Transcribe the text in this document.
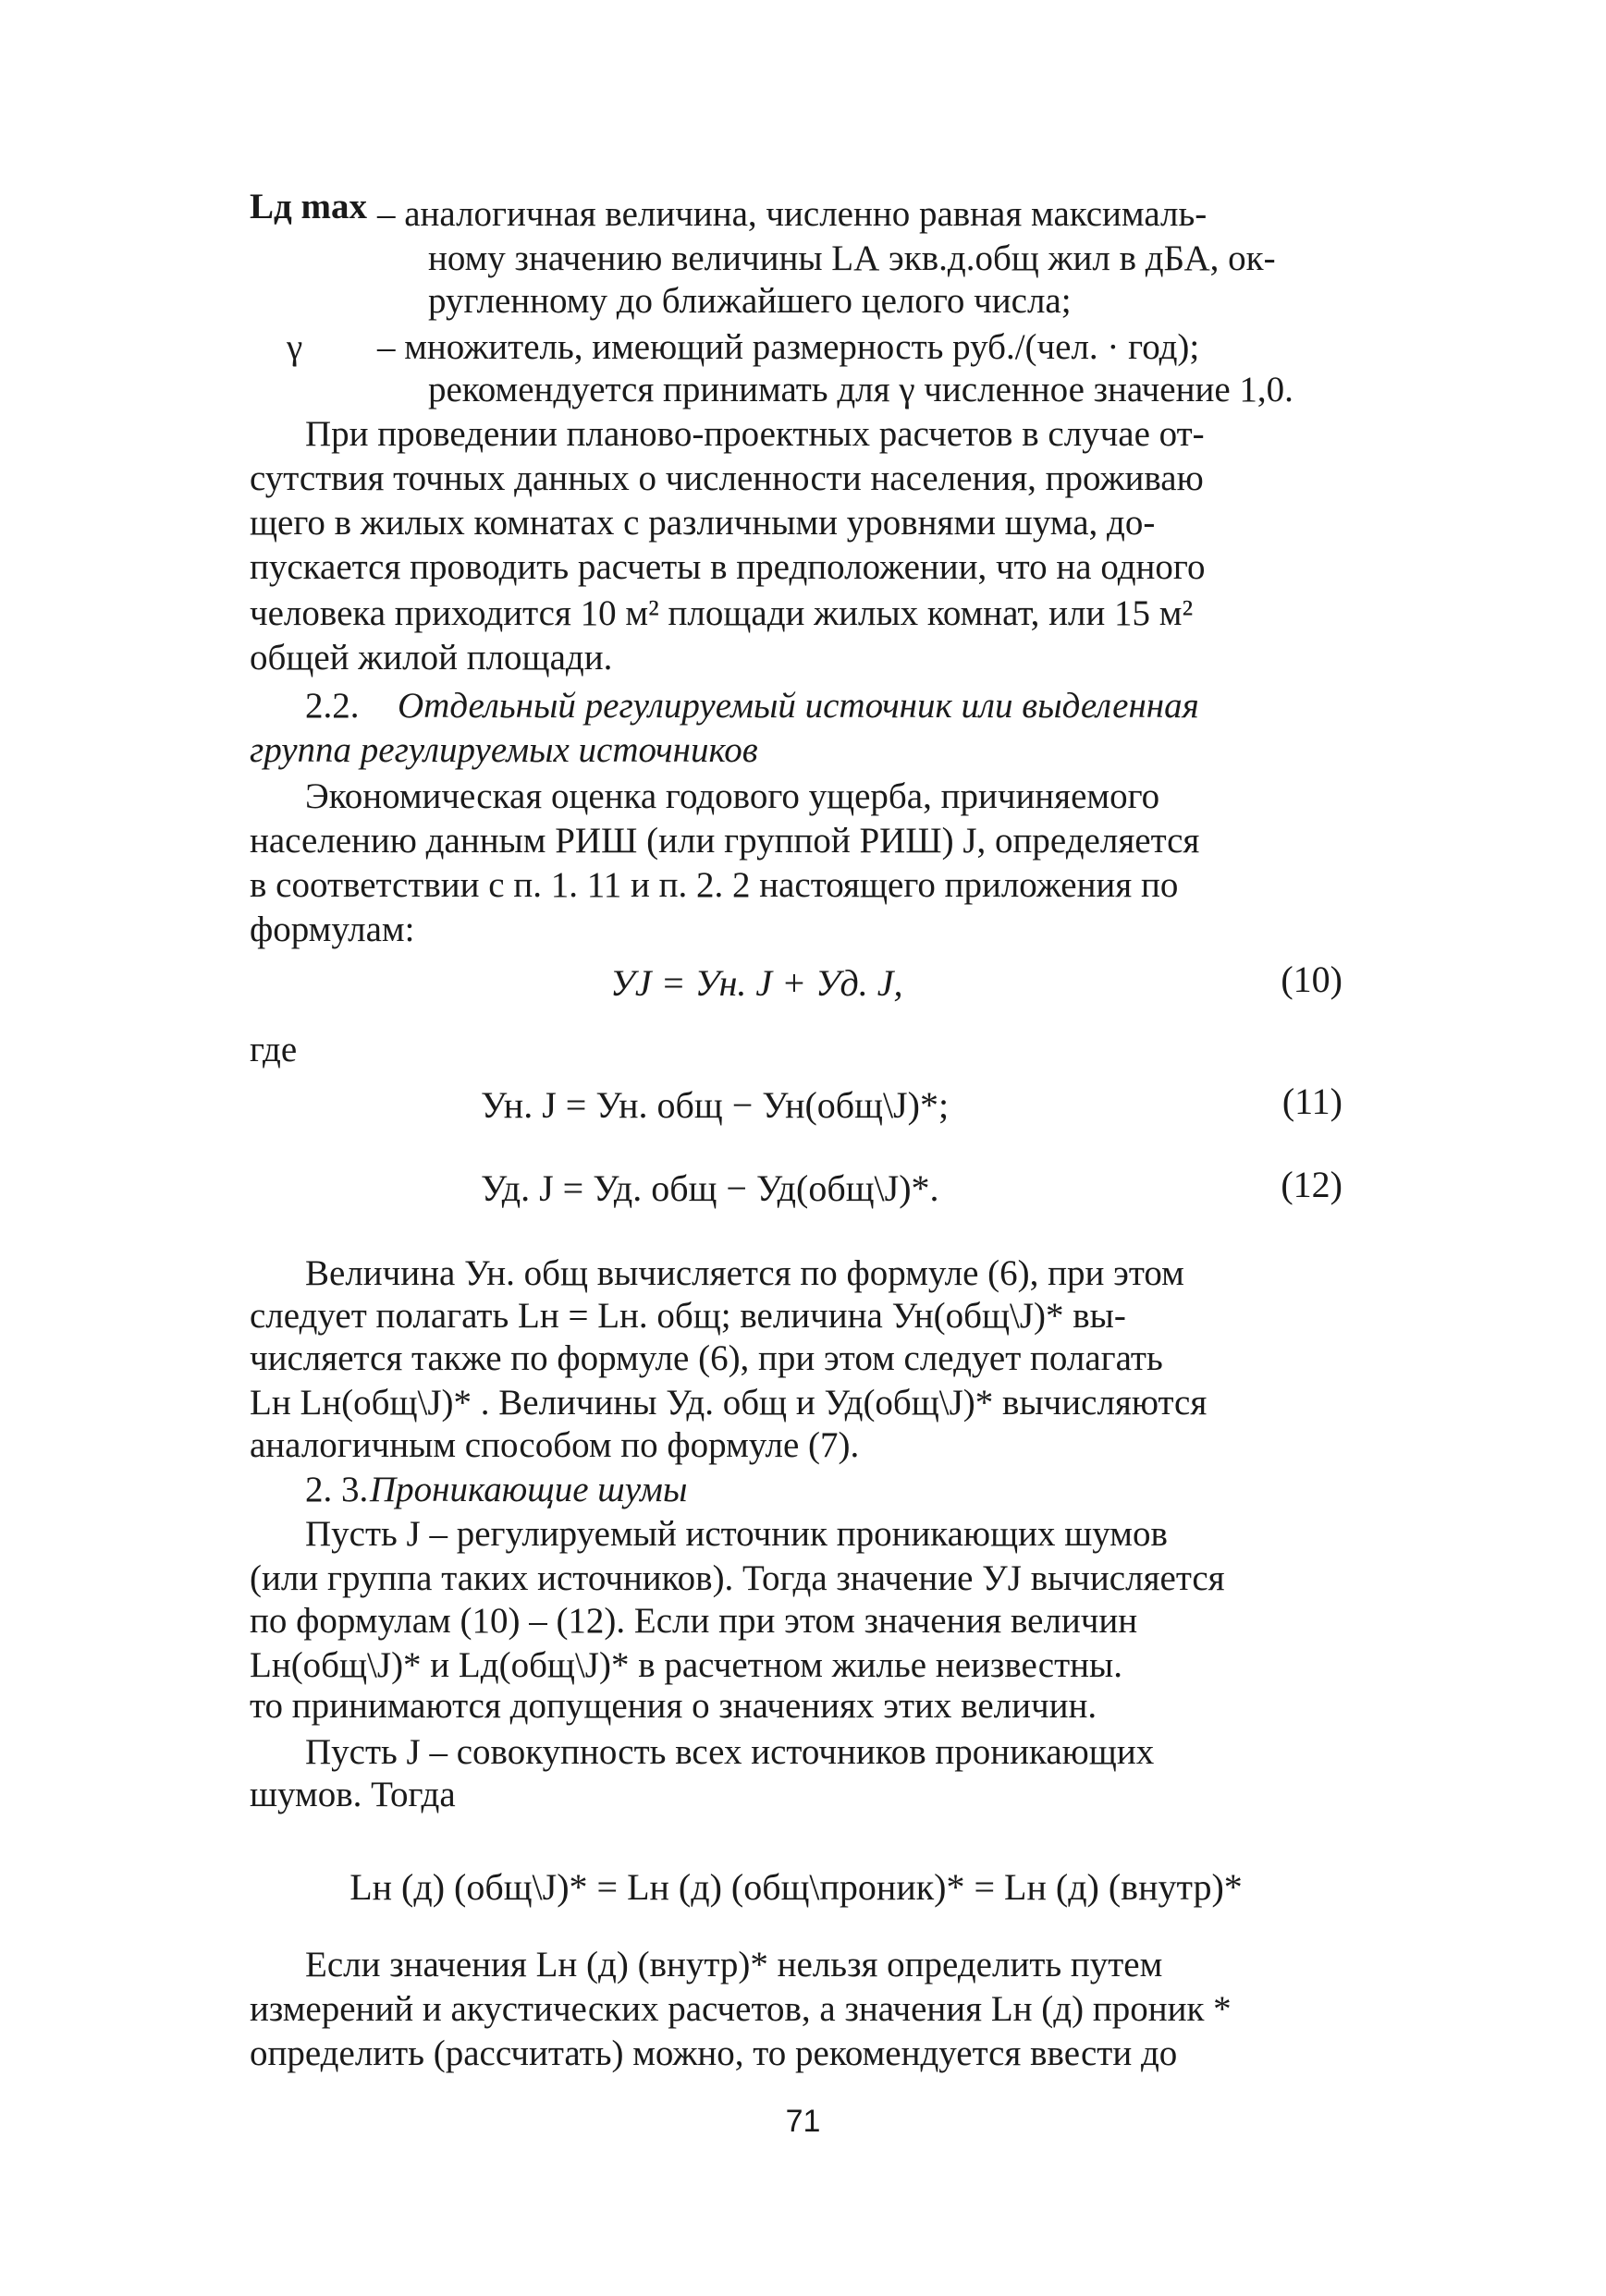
Lд max – аналогичная величина, численно равная максималь-
ному значению величины LА экв.д.общ жил в дБА, ок-
ругленному до ближайшего целого числа;
γ	– множитель, имеющий размерность руб./(чел. · год);
рекомендуется принимать для γ численное значение 1,0.
При проведении планово-проектных расчетов в случае от-
сутствия точных данных о численности населения, проживаю
щего в жилых комнатах с различными уровнями шума, до-
пускается проводить расчеты в предположении, что на одного
человека приходится 10 м² площади жилых комнат, или 15 м²
общей жилой площади.
2.2.	Отдельный регулируемый источник или выделенная
группа регулируемых источников
Экономическая оценка годового ущерба, причиняемого
населению данным РИШ (или группой РИШ) J, определяется
в соответствии с п. 1. 11 и п. 2. 2 настоящего приложения по
формулам:
УJ = Ун. J + Уд. J,	(10)
где
Ун. J = Ун. общ − Ун(общ\J)*;	(11)
Уд. J = Уд. общ − Уд(общ\J)*.	(12)
Величина Ун. общ вычисляется по формуле (6), при этом
следует полагать Lн = Lн. общ; величина Ун(общ\J)* вы-
числяется также по формуле (6), при этом следует полагать
Lн Lн(общ\J)* . Величины Уд. общ и Уд(общ\J)* вычисляются
аналогичным способом по формуле (7).
2. 3. Проникающие шумы
Пусть J – регулируемый источник проникающих шумов
(или группа таких источников). Тогда значение УJ вычисляется
по формулам (10) – (12). Если при этом значения величин
Lн(общ\J)* и Lд(общ\J)* в расчетном жилье неизвестны.
то принимаются допущения о значениях этих величин.
Пусть J – совокупность всех источников проникающих
шумов. Тогда
Lн (д) (общ\J)* = Lн (д) (общ\проник)* = Lн (д) (внутр)*
Если значения Lн (д) (внутр)* нельзя определить путем
измерений и акустических расчетов, а значения Lн (д) проник *
определить (рассчитать) можно, то рекомендуется ввести до
71
